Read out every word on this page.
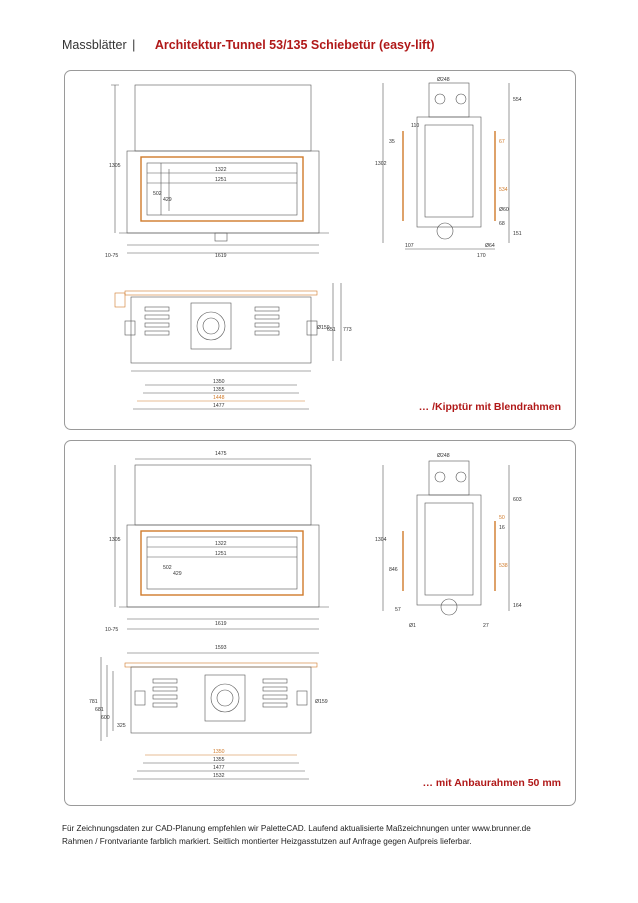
Massblätter | Architektur-Tunnel 53/135 Schiebetür (easy-lift)
1322
1251
502
429
1305
10-75	1619
Ø248
110
35
1302
554
67
534
Ø60
68
151
107
170
Ø64
Ø159
651 773
1350
1355
1448
1477	… /Kipptür mit Blendrahmen
1475
1322
1251
502
429
1305
10-75
1619
Ø248
1304
846
603
50
16
538
164
57
27
Ø1
1593
781
681
600
325
Ø159
1350
1355
1477
1532
… mit Anbaurahmen 50 mm
Für Zeichnungsdaten zur CAD-Planung empfehlen wir PaletteCAD. Laufend aktualisierte Maßzeichnungen unter www.brunner.de
Rahmen / Frontvariante farblich markiert. Seitlich montierter Heizgasstutzen auf Anfrage gegen Aufpreis lieferbar.
